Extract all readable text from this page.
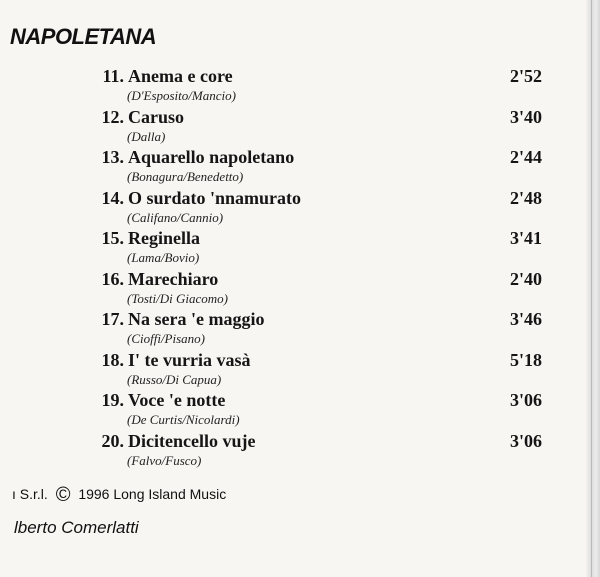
NAPOLETANA
11. Anema e core
(D'Esposito/Mancio)
2'52
12. Caruso
(Dalla)
3'40
13. Aquarello napoletano
(Bonagura/Benedetto)
2'44
14. O surdato 'nnamurato
(Califano/Cannio)
2'48
15. Reginella
(Lama/Bovio)
3'41
16. Marechiaro
(Tosti/Di Giacomo)
2'40
17. Na sera 'e maggio
(Cioffi/Pisano)
3'46
18. I' te vurria vasà
(Russo/Di Capua)
5'18
19. Voce 'e notte
(De Curtis/Nicolardi)
3'06
20. Dicitencello vuje
(Falvo/Fusco)
3'06
ı S.r.l. © 1996 Long Island Music
lberto Comerlatti
